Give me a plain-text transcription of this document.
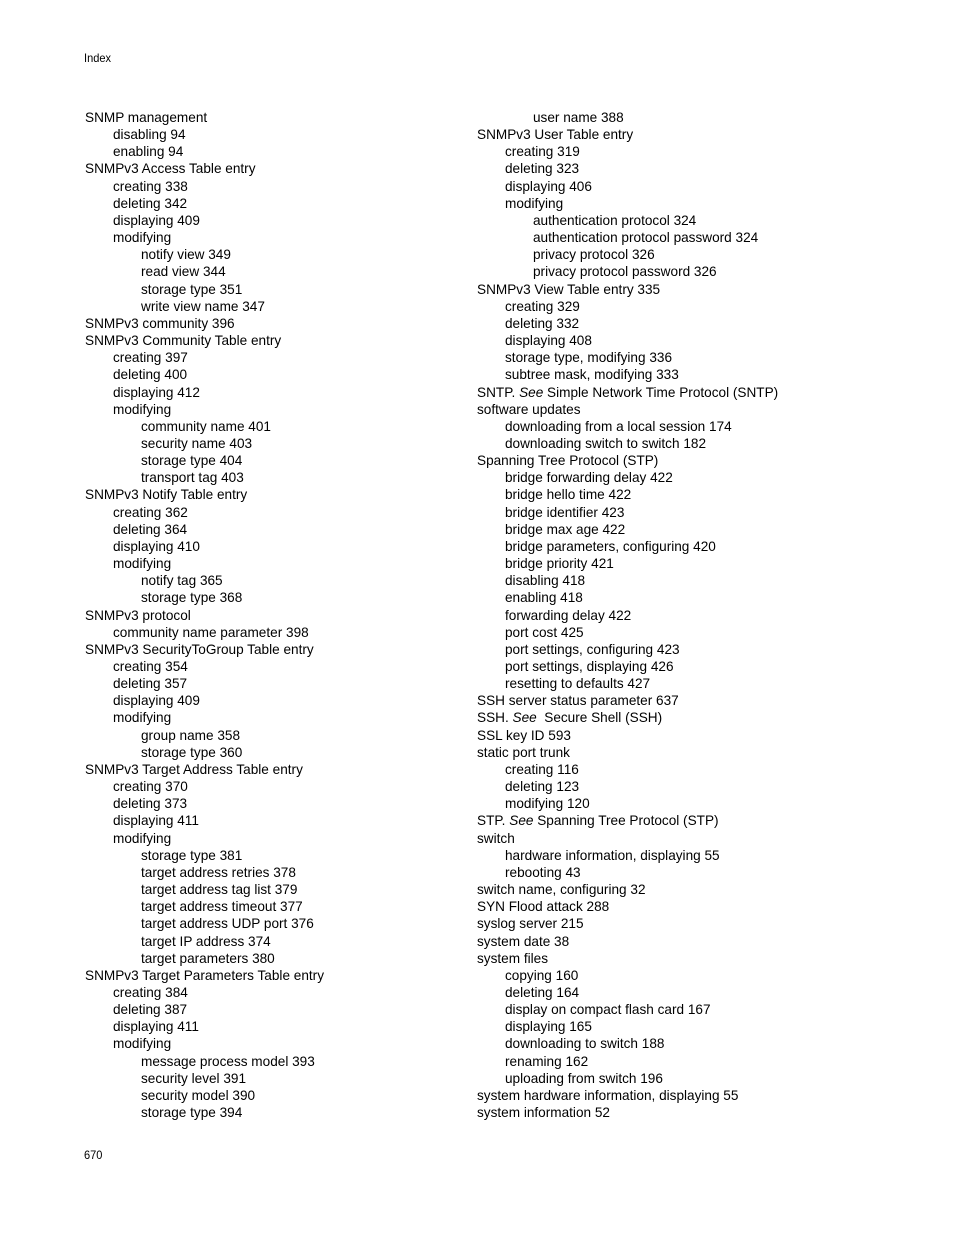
Index
SNMP management
disabling 94
enabling 94
SNMPv3 Access Table entry
creating 338
deleting 342
displaying 409
modifying
notify view 349
read view 344
storage type 351
write view name 347
SNMPv3 community 396
SNMPv3 Community Table entry
creating 397
deleting 400
displaying 412
modifying
community name 401
security name 403
storage type 404
transport tag 403
SNMPv3 Notify Table entry
creating 362
deleting 364
displaying 410
modifying
notify tag 365
storage type 368
SNMPv3 protocol
community name parameter 398
SNMPv3 SecurityToGroup Table entry
creating 354
deleting 357
displaying 409
modifying
group name 358
storage type 360
SNMPv3 Target Address Table entry
creating 370
deleting 373
displaying 411
modifying
storage type 381
target address retries 378
target address tag list 379
target address timeout 377
target address UDP port 376
target IP address 374
target parameters 380
SNMPv3 Target Parameters Table entry
creating 384
deleting 387
displaying 411
modifying
message process model 393
security level 391
security model 390
storage type 394
user name 388
SNMPv3 User Table entry
creating 319
deleting 323
displaying 406
modifying
authentication protocol 324
authentication protocol password 324
privacy protocol 326
privacy protocol password 326
SNMPv3 View Table entry 335
creating 329
deleting 332
displaying 408
storage type, modifying 336
subtree mask, modifying 333
SNTP. See Simple Network Time Protocol (SNTP)
software updates
downloading from a local session 174
downloading switch to switch 182
Spanning Tree Protocol (STP)
bridge forwarding delay 422
bridge hello time 422
bridge identifier 423
bridge max age 422
bridge parameters, configuring 420
bridge priority 421
disabling 418
enabling 418
forwarding delay 422
port cost 425
port settings, configuring 423
port settings, displaying 426
resetting to defaults 427
SSH server status parameter 637
SSH. See  Secure Shell (SSH)
SSL key ID 593
static port trunk
creating 116
deleting 123
modifying 120
STP. See Spanning Tree Protocol (STP)
switch
hardware information, displaying 55
rebooting 43
switch name, configuring 32
SYN Flood attack 288
syslog server 215
system date 38
system files
copying 160
deleting 164
display on compact flash card 167
displaying 165
downloading to switch 188
renaming 162
uploading from switch 196
system hardware information, displaying 55
system information 52
670
